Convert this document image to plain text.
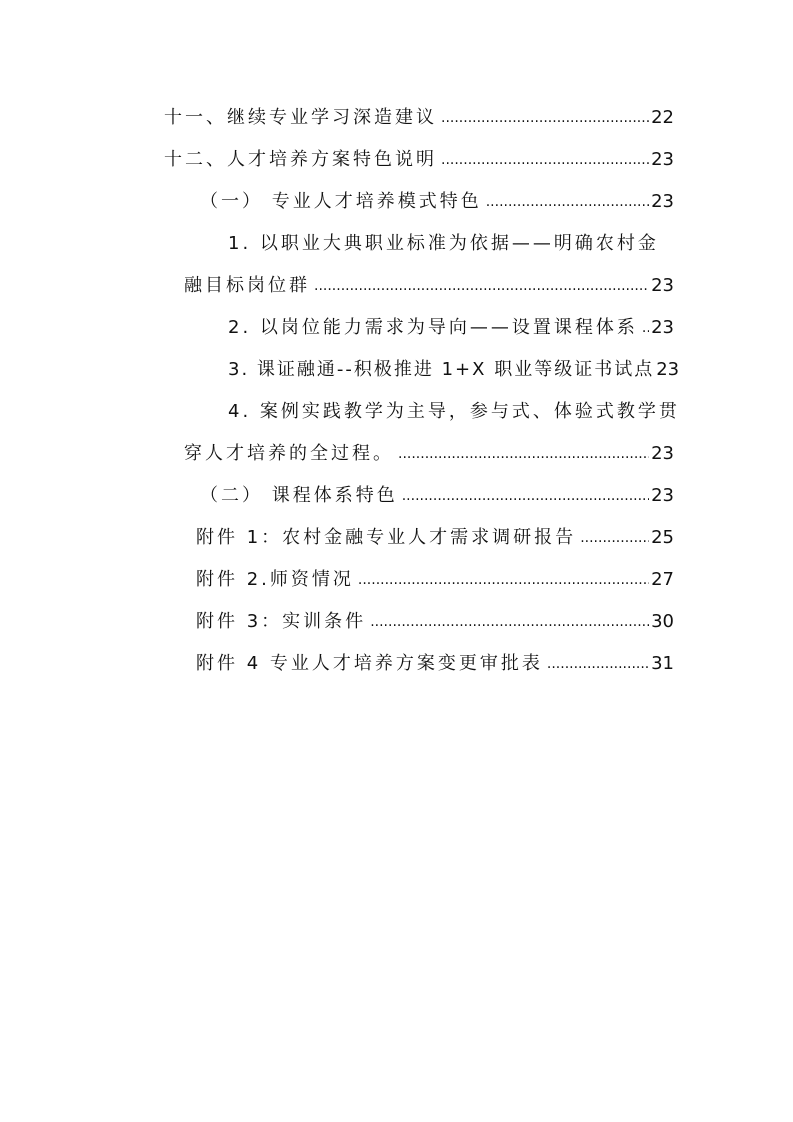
十一、继续专业学习深造建议 .....	22
十二、人才培养方案特色说明 .....	23
（一） 专业人才培养模式特色 .....	23
1. 以职业大典职业标准为依据——明确农村金
融目标岗位群 .....	23
2. 以岗位能力需求为导向——设置课程体系 ..... 23
3. 课证融通--积极推进 1+X 职业等级证书试点 23
4. 案例实践教学为主导，参与式、体验式教学贯
穿人才培养的全过程。 .....	23
（二） 课程体系特色 .....	23
附件 1：农村金融专业人才需求调研报告 .....	25
附件 2.师资情况 .....	27
附件 3：实训条件 .....	30
附件 4 专业人才培养方案变更审批表 .....	31
